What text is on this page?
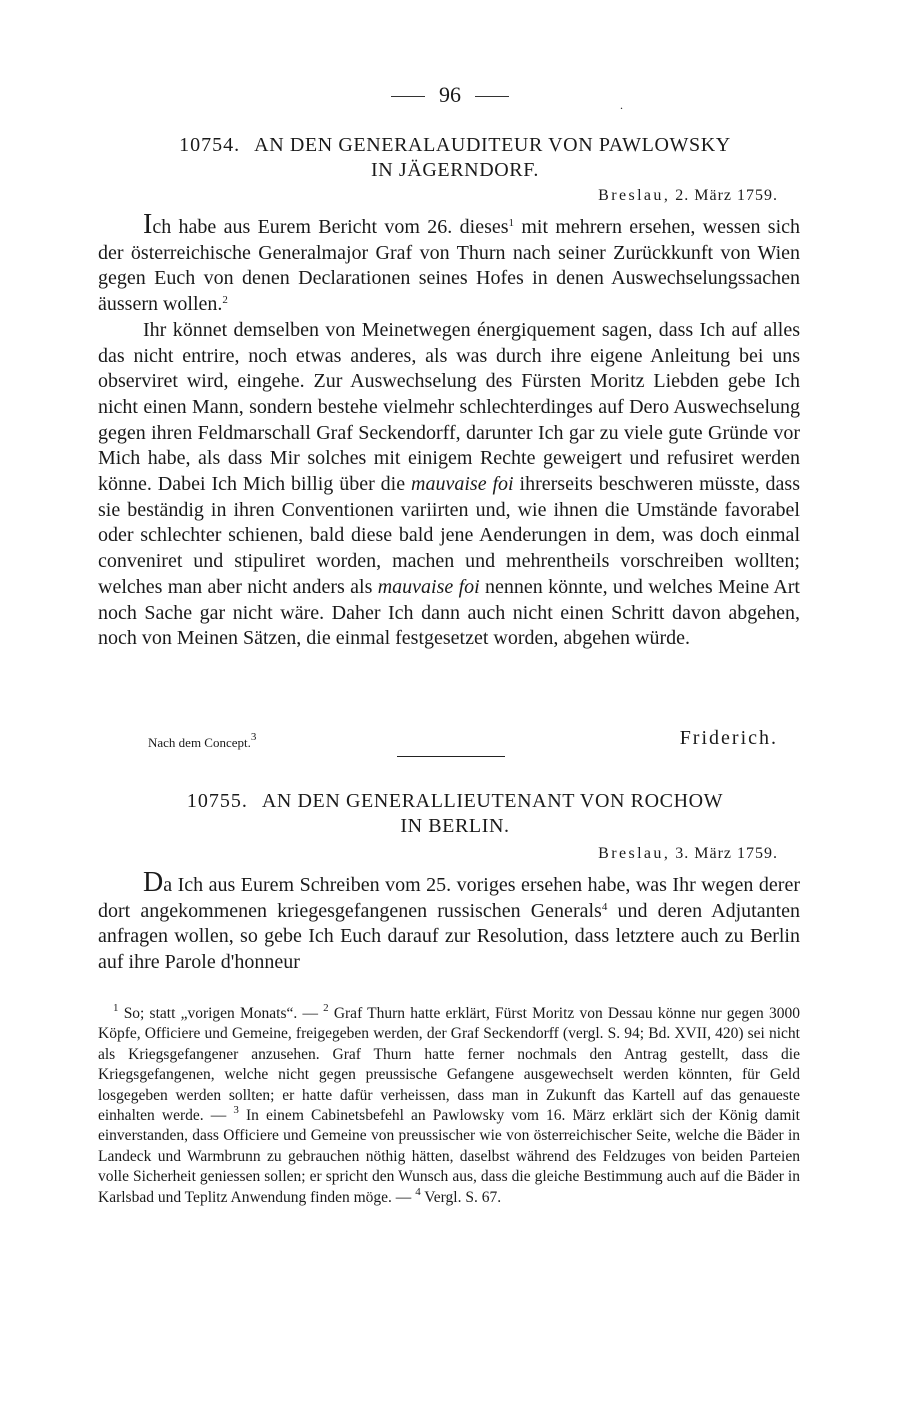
96	.
10754. AN DEN GENERALAUDITEUR VON PAWLOWSKY
IN JÄGERNDORF.
Breslau, 2. März 1759.

Ich habe aus Eurem Bericht vom 26. dieses$^1$ mit mehrern ersehen, wessen sich der österreichische Generalmajor Graf von Thurn nach seiner Zurückkunft von Wien gegen Euch von denen Declarationen seines Hofes in denen Auswechselungssachen äussern wollen.$^2$

Ihr könnet demselben von Meinetwegen énergiquement sagen, dass Ich auf alles das nicht entrire, noch etwas anderes, als was durch ihre eigene Anleitung bei uns observiret wird, eingehe. Zur Auswechselung des Fürsten Moritz Liebden gebe Ich nicht einen Mann, sondern bestehe vielmehr schlechterdinges auf Dero Auswechselung gegen ihren Feldmarschall Graf Seckendorff, darunter Ich gar zu viele gute Gründe vor Mich habe, als dass Mir solches mit einigem Rechte geweigert und refusiret werden könne. Dabei Ich Mich billig über die mauvaise foi ihrerseits beschweren müsste, dass sie beständig in ihren Conventionen variirten und, wie ihnen die Umstände favorabel oder schlechter schienen, bald diese bald jene Aenderungen in dem, was doch einmal conveniret und stipuliret worden, machen und mehrentheils vorschreiben wollten; welches man aber nicht anders als mauvaise foi nennen könnte, und welches Meine Art noch Sache gar nicht wäre. Daher Ich dann auch nicht einen Schritt davon abgehen, noch von Meinen Sätzen, die einmal festgesetzet worden, abgehen würde.

Nach dem Concept.$^3$	Friderich.
10755. AN DEN GENERALLIEUTENANT VON ROCHOW
IN BERLIN.
Breslau, 3. März 1759.

Da Ich aus Eurem Schreiben vom 25. voriges ersehen habe, was Ihr wegen derer dort angekommenen kriegesgefangenen russischen Generals$^4$ und deren Adjutanten anfragen wollen, so gebe Ich Euch darauf zur Resolution, dass letztere auch zu Berlin auf ihre Parole d'honneur

$^1$ So; statt „vorigen Monats“. — $^2$ Graf Thurn hatte erklärt, Fürst Moritz von Dessau könne nur gegen 3000 Köpfe, Officiere und Gemeine, freigegeben werden, der Graf Seckendorff (vergl. S. 94; Bd. XVII, 420) sei nicht als Kriegsgefangener anzusehen. Graf Thurn hatte ferner nochmals den Antrag gestellt, dass die Kriegsgefangenen, welche nicht gegen preussische Gefangene ausgewechselt werden könnten, für Geld losgegeben werden sollten; er hatte dafür verheissen, dass man in Zukunft das Kartell auf das genaueste einhalten werde. — $^3$ In einem Cabinetsbefehl an Pawlowsky vom 16. März erklärt sich der König damit einverstanden, dass Officiere und Gemeine von preussischer wie von österreichischer Seite, welche die Bäder in Landeck und Warmbrunn zu gebrauchen nöthig hätten, daselbst während des Feldzuges von beiden Parteien volle Sicherheit geniessen sollen; er spricht den Wunsch aus, dass die gleiche Bestimmung auch auf die Bäder in Karlsbad und Teplitz Anwendung finden möge. — $^4$ Vergl. S. 67.
